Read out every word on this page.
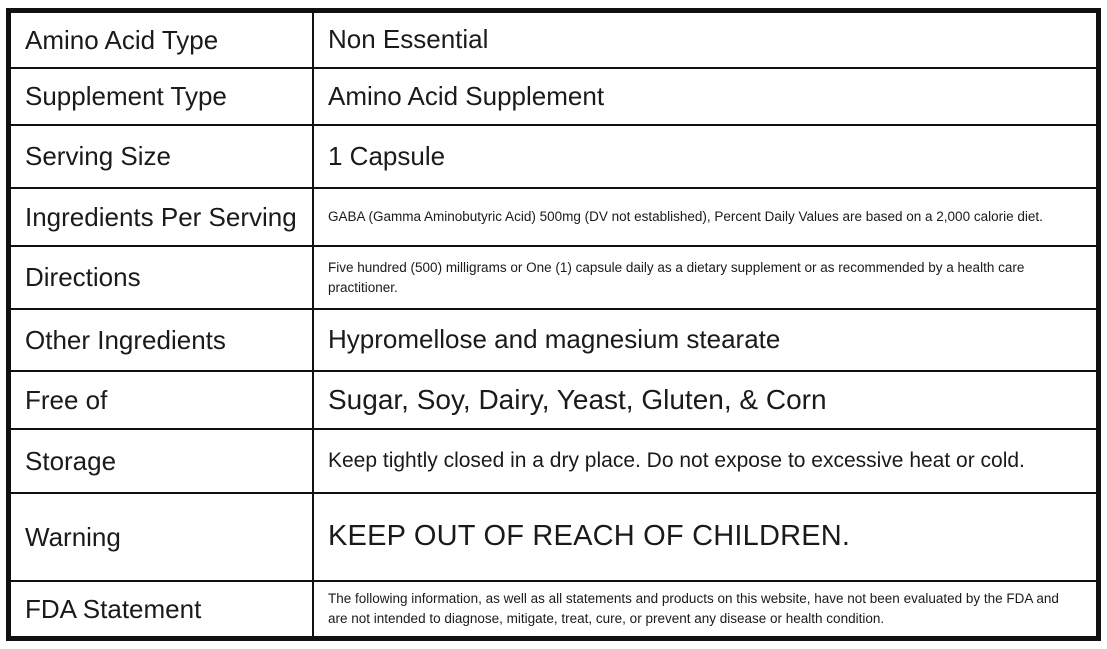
Amino Acid Type	Non Essential
Supplement Type	Amino Acid Supplement
Serving Size	1 Capsule
Ingredients Per Serving	GABA (Gamma Aminobutyric Acid) 500mg (DV not established), Percent Daily Values are based on a 2,000 calorie diet.

Directions	Five hundred (500) milligrams or One (1) capsule daily as a dietary supplement or as recommended by a health care practitioner.

Other Ingredients	Hypromellose and magnesium stearate
Free of	Sugar, Soy, Dairy, Yeast, Gluten, & Corn
Storage	Keep tightly closed in a dry place. Do not expose to excessive heat or cold.
Warning	KEEP OUT OF REACH OF CHILDREN.
FDA Statement	The following information, as well as all statements and products on this website, have not been evaluated by the FDA and are not intended to diagnose, mitigate, treat, cure, or prevent any disease or health condition.
